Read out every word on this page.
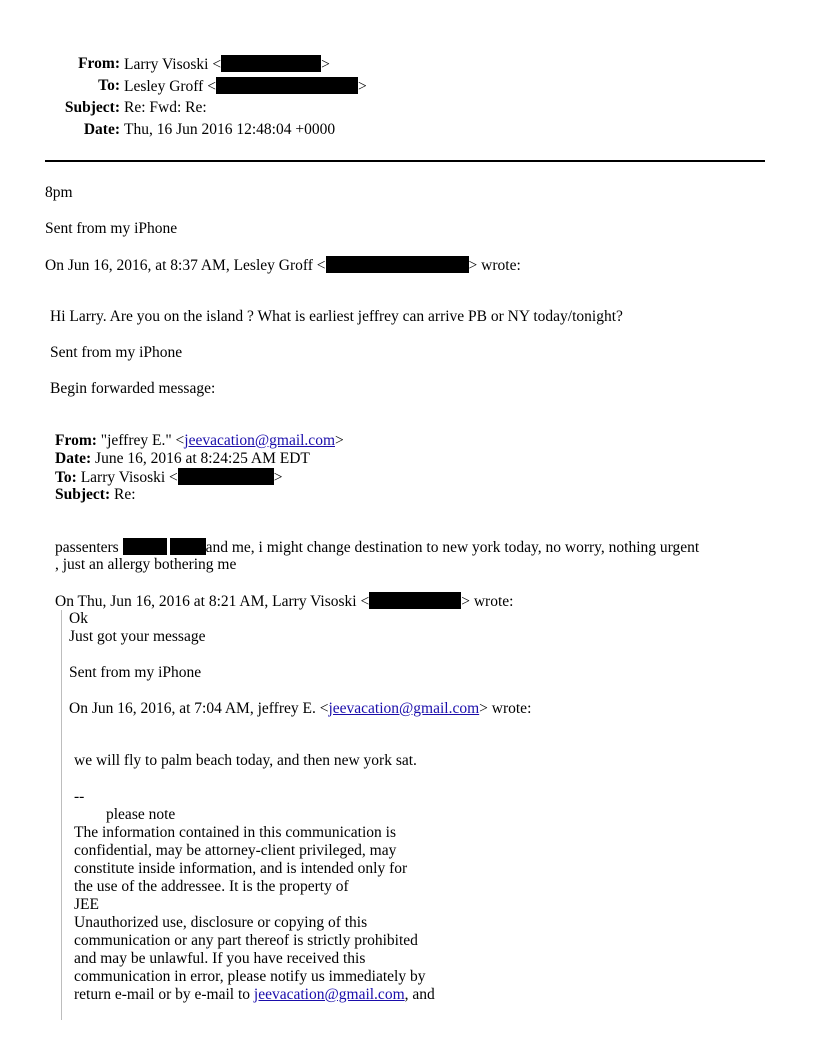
From: Larry Visoski <	>
To: Lesley Groff <	>
Subject: Re: Fwd: Re:
Date: Thu, 16 Jun 2016 12:48:04 +0000
8pm
Sent from my iPhone
On Jun 16, 2016, at 8:37 AM, Lesley Groff <	> wrote:
Hi Larry. Are you on the island ? What is earliest jeffrey can arrive PB or NY today/tonight?
Sent from my iPhone
Begin forwarded message:
From: "jeffrey E." <jeevacation@gmail.com>
Date: June 16, 2016 at 8:24:25 AM EDT
To: Larry Visoski <	>
Subject: Re:
passenters	and me, i might change destination to new york today, no worry, nothing urgent
, just an allergy bothering me
On Thu, Jun 16, 2016 at 8:21 AM, Larry Visoski <	> wrote:
Ok
Just got your message
Sent from my iPhone
On Jun 16, 2016, at 7:04 AM, jeffrey E. <jeevacation@gmail.com> wrote:
we will fly to palm beach today, and then new york sat.
--
please note
The information contained in this communication is
confidential, may be attorney-client privileged, may
constitute inside information, and is intended only for
the use of the addressee. It is the property of
JEE
Unauthorized use, disclosure or copying of this
communication or any part thereof is strictly prohibited
and may be unlawful. If you have received this
communication in error, please notify us immediately by
return e-mail or by e-mail to jeevacation@gmail.com, and
